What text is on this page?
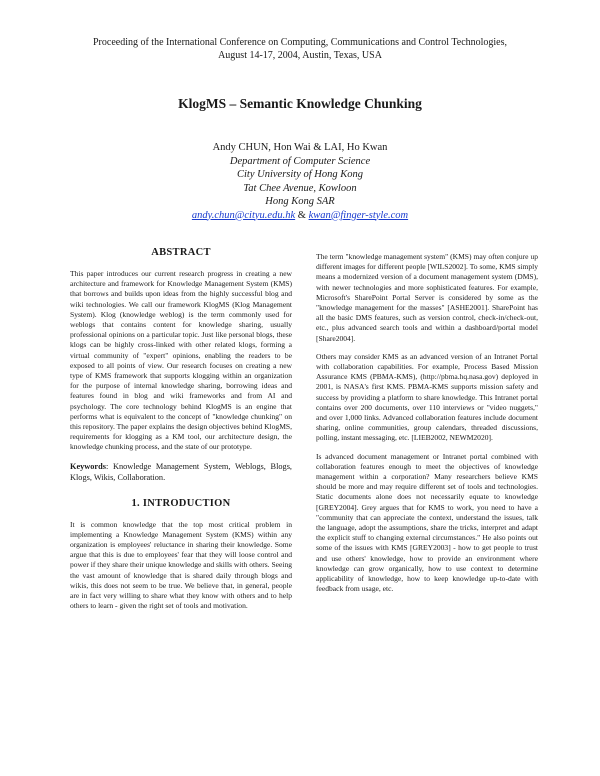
Proceeding of the International Conference on Computing, Communications and Control Technologies,
August 14-17, 2004, Austin, Texas, USA
KlogMS – Semantic Knowledge Chunking
Andy CHUN, Hon Wai & LAI, Ho Kwan
Department of Computer Science
City University of Hong Kong
Tat Chee Avenue, Kowloon
Hong Kong SAR
andy.chun@cityu.edu.hk & kwan@finger-style.com
ABSTRACT

This paper introduces our current research progress in creating a new architecture and framework for Knowledge Management System (KMS) that borrows and builds upon ideas from the highly successful blog and wiki technologies. We call our framework KlogMS (Klog Management System). Klog (knowledge weblog) is the term commonly used for weblogs that contains content for knowledge sharing, usually professional opinions on a particular topic. Just like personal blogs, these klogs can be highly cross-linked with other related klogs, forming a virtual community of "expert" opinions, enabling the readers to be exposed to all points of view. Our research focuses on creating a new type of KMS framework that supports klogging within an organization for the purpose of internal knowledge sharing, borrowing ideas and features found in blog and wiki frameworks and from AI and psychology. The core technology behind KlogMS is an engine that performs what is equivalent to the concept of "knowledge chunking" on this repository. The paper explains the design objectives behind KlogMS, requirements for klogging as a KM tool, our architecture design, the knowledge chunking process, and the state of our prototype.

Keywords: Knowledge Management System, Weblogs, Blogs, Klogs, Wikis, Collaboration.

1. INTRODUCTION

It is common knowledge that the top most critical problem in implementing a Knowledge Management System (KMS) within any organization is employees' reluctance in sharing their knowledge. Some argue that this is due to employees' fear that they will loose control and power if they share their unique knowledge and skills with others. Seeing the vast amount of knowledge that is shared daily through blogs and wikis, this does not seem to be true. We believe that, in general, people are in fact very willing to share what they know with others and to help others to learn - given the right set of tools and motivation.

The term "knowledge management system" (KMS) may often conjure up different images for different people [WILS2002]. To some, KMS simply means a modernized version of a document management system (DMS), with newer technologies and more sophisticated features. For example, Microsoft's SharePoint Portal Server is considered by some as the "knowledge management for the masses" [ASHE2001]. SharePoint has all the basic DMS features, such as version control, check-in/check-out, etc., plus advanced search tools and within a dashboard/portal model [Share2004].

Others may consider KMS as an advanced version of an Intranet Portal with collaboration capabilities. For example, Process Based Mission Assurance KMS (PBMA-KMS), (http://pbma.hq.nasa.gov) deployed in 2001, is NASA's first KMS. PBMA-KMS supports mission safety and success by providing a platform to share knowledge. This Intranet portal contains over 200 documents, over 110 interviews or "video nuggets," and over 1,000 links. Advanced collaboration features include document sharing, online communities, group calendars, threaded discussions, polling, instant messaging, etc. [LIEB2002, NEWM2020].

Is advanced document management or Intranet portal combined with collaboration features enough to meet the objectives of knowledge management within a corporation? Many researchers believe KMS should be more and may require different set of tools and technologies. Static documents alone does not necessarily equate to knowledge [GREY2004]. Grey argues that for KMS to work, you need to have a "community that can appreciate the context, understand the issues, talk the language, adopt the assumptions, share the tricks, interpret and adapt the explicit stuff to changing external circumstances." He also points out some of the issues with KMS [GREY2003] - how to get people to trust and use others' knowledge, how to provide an environment where knowledge can grow organically, how to use context to determine applicability of knowledge, how to keep knowledge up-to-date with feedback from usage, etc.
